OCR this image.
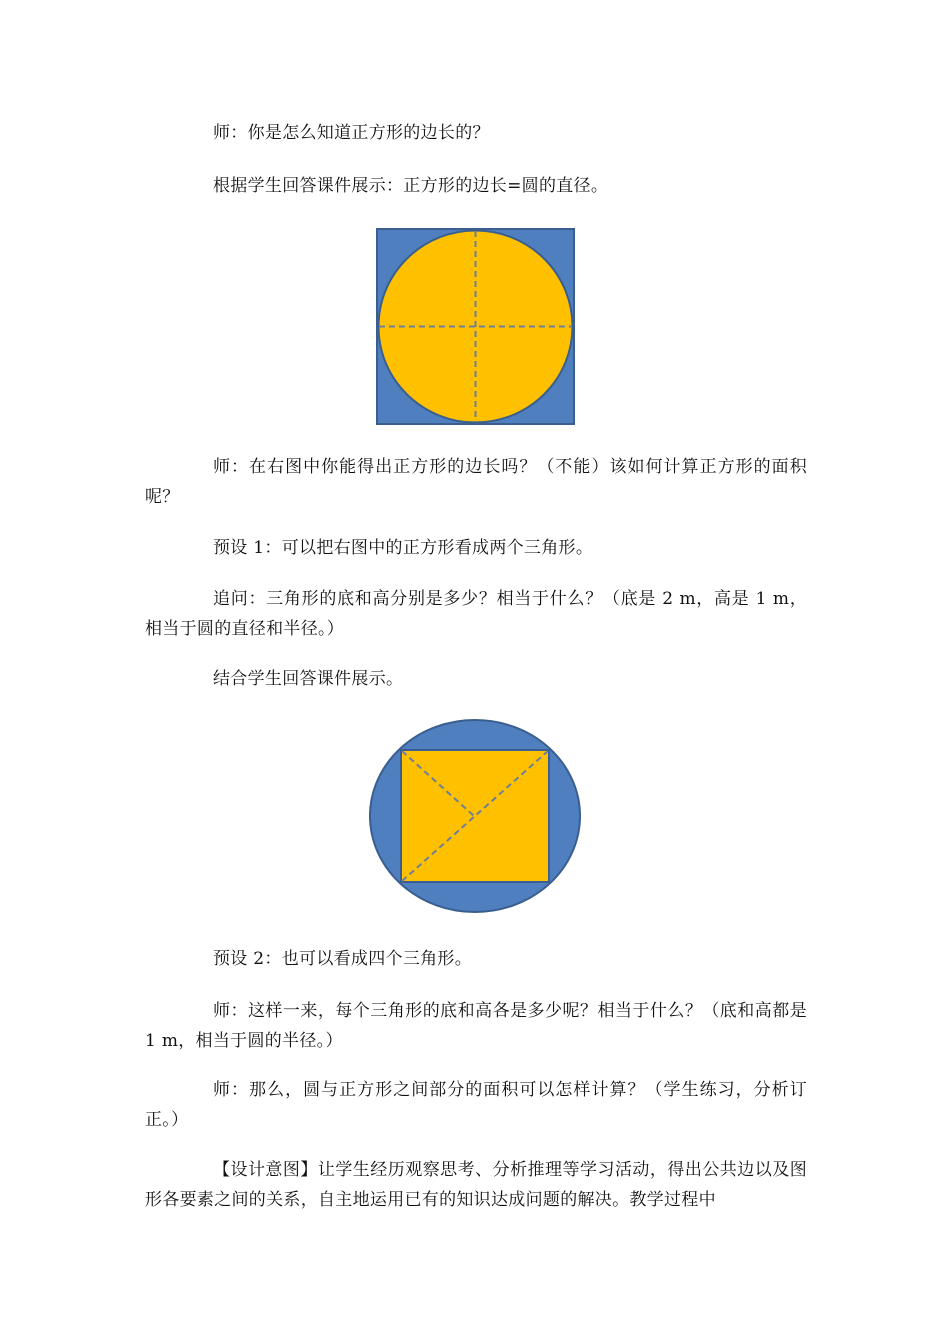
师：你是怎么知道正方形的边长的？

根据学生回答课件展示：正方形的边长=圆的直径。

师：在右图中你能得出正方形的边长吗？（不能）该如何计算正方形的面积呢？

预设 1：可以把右图中的正方形看成两个三角形。

追问：三角形的底和高分别是多少？相当于什么？（底是 2 m，高是 1 m，相当于圆的直径和半径。）

结合学生回答课件展示。

预设 2：也可以看成四个三角形。

师：这样一来，每个三角形的底和高各是多少呢？相当于什么？（底和高都是 1 m，相当于圆的半径。）

师：那么，圆与正方形之间部分的面积可以怎样计算？（学生练习，分析订正。）

【设计意图】让学生经历观察思考、分析推理等学习活动，得出公共边以及图形各要素之间的关系，自主地运用已有的知识达成问题的解决。教学过程中
